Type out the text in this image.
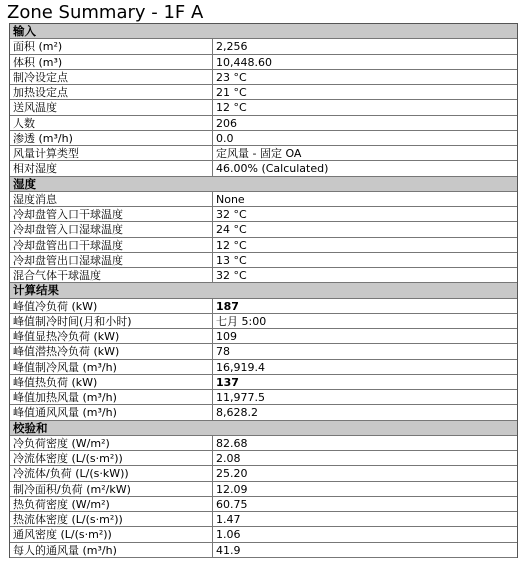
Zone Summary - 1F A
输入
面积 (m²)	2,256
体积 (m³)	10,448.60
制冷设定点	23 °C
加热设定点	21 °C
送风温度	12 °C
人数	206
渗透 (m³/h)	0.0
风量计算类型	定风量 - 固定 OA
相对湿度	46.00% (Calculated)
湿度
湿度消息	None
冷却盘管入口干球温度	32 °C
冷却盘管入口湿球温度	24 °C
冷却盘管出口干球温度	12 °C
冷却盘管出口湿球温度	13 °C
混合气体干球温度	32 °C
计算结果
峰值冷负荷 (kW)	187
峰值制冷时间(月和小时)	七月 5:00
峰值显热冷负荷 (kW)	109
峰值潜热冷负荷 (kW)	78
峰值制冷风量 (m³/h)	16,919.4
峰值热负荷 (kW)	137
峰值加热风量 (m³/h)	11,977.5
峰值通风风量 (m³/h)	8,628.2
校验和
冷负荷密度 (W/m²)	82.68
冷流体密度 (L/(s·m²))	2.08
冷流体/负荷 (L/(s·kW))	25.20
制冷面积/负荷 (m²/kW)	12.09
热负荷密度 (W/m²)	60.75
热流体密度 (L/(s·m²))	1.47
通风密度 (L/(s·m²))	1.06
每人的通风量 (m³/h)	41.9
